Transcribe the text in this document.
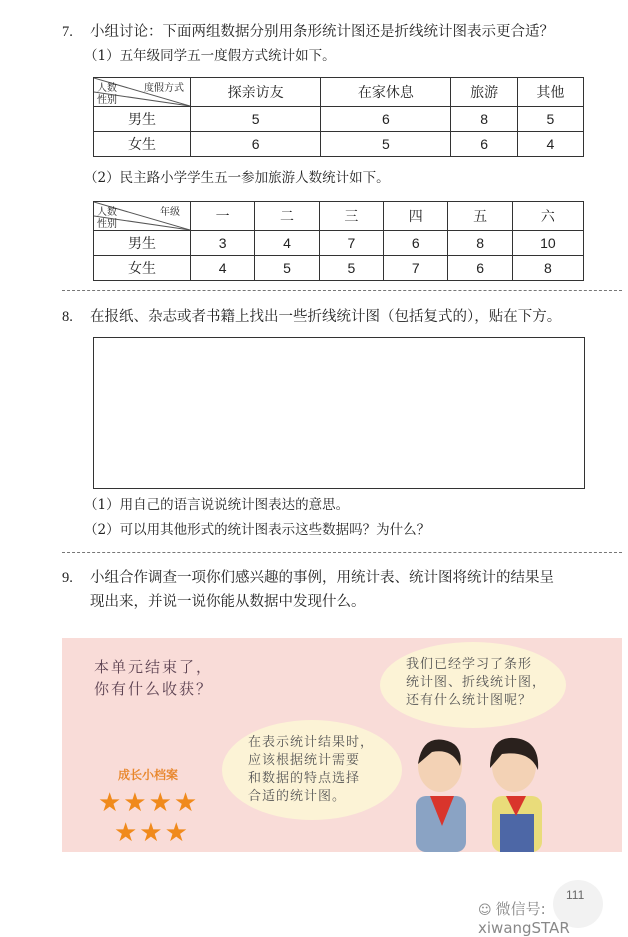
7. 小组讨论：下面两组数据分别用条形统计图还是折线统计图表示更合适？
（1）五年级同学五一度假方式统计如下。
度假方式
人数
性别	探亲访友	在家休息	旅游	其他
男生	5	6	8	5
女生	6	5	6	4
（2）民主路小学学生五一参加旅游人数统计如下。
年级
人数
性别	一	二	三	四	五	六
男生	3	4	7	6	8	10
女生	4	5	5	7	6	8
8. 在报纸、杂志或者书籍上找出一些折线统计图（包括复式的），贴在下方。
（1）用自己的语言说说统计图表达的意思。
（2）可以用其他形式的统计图表示这些数据吗？为什么？
9. 小组合作调查一项你们感兴趣的事例，用统计表、统计图将统计的结果呈
现出来，并说一说你能从数据中发现什么。
本单元结束了，
你有什么收获？
我们已经学习了条形
统计图、折线统计图，
还有什么统计图呢？
在表示统计结果时，
应该根据统计需要
和数据的特点选择
合适的统计图。
成长小档案
★★★★
★★★
111
☺ 微信号: xiwangSTAR
